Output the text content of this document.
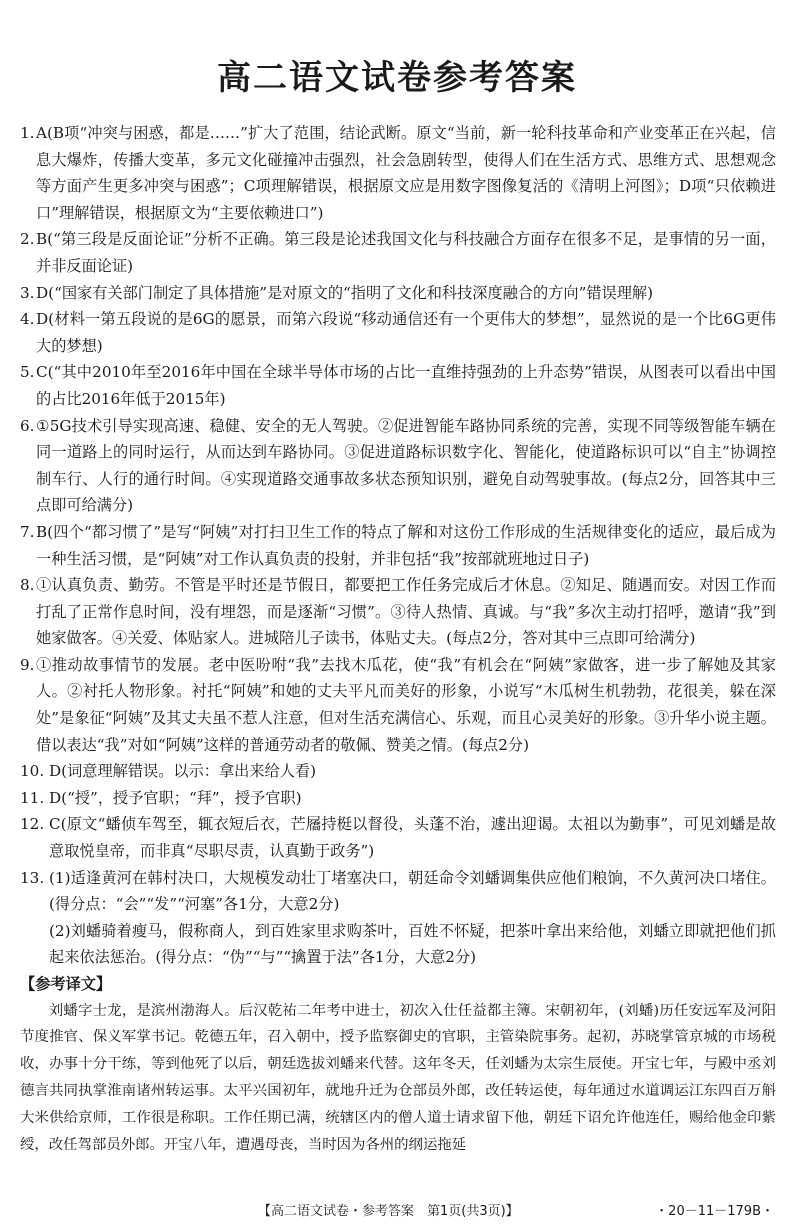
高二语文试卷参考答案
1. A(B项“冲突与困惑，都是……”扩大了范围，结论武断。原文“当前，新一轮科技革命和产业变革正在兴起，信息大爆炸，传播大变革，多元文化碰撞冲击强烈，社会急剧转型，使得人们在生活方式、思维方式、思想观念等方面产生更多冲突与困惑”；C项理解错误，根据原文应是用数字图像复活的《清明上河图》；D项“只依赖进口”理解错误，根据原文为“主要依赖进口”)
2. B(“第三段是反面论证”分析不正确。第三段是论述我国文化与科技融合方面存在很多不足，是事情的另一面，并非反面论证)
3. D(“国家有关部门制定了具体措施”是对原文的“指明了文化和科技深度融合的方向”错误理解)
4. D(材料一第五段说的是6G的愿景，而第六段说“移动通信还有一个更伟大的梦想”，显然说的是一个比6G更伟大的梦想)
5. C(“其中2010年至2016年中国在全球半导体市场的占比一直维持强劲的上升态势”错误，从图表可以看出中国的占比2016年低于2015年)
6. ①5G技术引导实现高速、稳健、安全的无人驾驶。②促进智能车路协同系统的完善，实现不同等级智能车辆在同一道路上的同时运行，从而达到车路协同。③促进道路标识数字化、智能化，使道路标识可以“自主”协调控制车行、人行的通行时间。④实现道路交通事故多状态预知识别，避免自动驾驶事故。(每点2分，回答其中三点即可给满分)
7. B(四个“都习惯了”是写“阿姨”对打扫卫生工作的特点了解和对这份工作形成的生活规律变化的适应，最后成为一种生活习惯，是“阿姨”对工作认真负责的投射，并非包括“我”按部就班地过日子)
8. ①认真负责、勤劳。不管是平时还是节假日，都要把工作任务完成后才休息。②知足、随遇而安。对因工作而打乱了正常作息时间，没有埋怨，而是逐渐“习惯”。③待人热情、真诚。与“我”多次主动打招呼，邀请“我”到她家做客。④关爱、体贴家人。进城陪儿子读书，体贴丈夫。(每点2分，答对其中三点即可给满分)
9. ①推动故事情节的发展。老中医吩咐“我”去找木瓜花，使“我”有机会在“阿姨”家做客，进一步了解她及其家人。②衬托人物形象。衬托“阿姨”和她的丈夫平凡而美好的形象，小说写“木瓜树生机勃勃，花很美，躲在深处”是象征“阿姨”及其丈夫虽不惹人注意，但对生活充满信心、乐观，而且心灵美好的形象。③升华小说主题。借以表达“我”对如“阿姨”这样的普通劳动者的敬佩、赞美之情。(每点2分)
10. D(词意理解错误。以示：拿出来给人看)
11. D(“授”，授予官职；“拜”，授予官职)
12. C(原文“蟠侦车驾至，辄衣短后衣，芒屩持梃以督役，头蓬不治，遽出迎谒。太祖以为勤事”，可见刘蟠是故意取悦皇帝，而非真“尽职尽责，认真勤于政务”)
13. (1)适逢黄河在韩村决口，大规模发动壮丁堵塞决口，朝廷命令刘蟠调集供应他们粮饷，不久黄河决口堵住。(得分点：“会”“发”“河塞”各1分，大意2分)
(2)刘蟠骑着瘦马，假称商人，到百姓家里求购茶叶，百姓不怀疑，把茶叶拿出来给他，刘蟠立即就把他们抓起来依法惩治。(得分点：“伪”“与”“擒置于法”各1分，大意2分)
【参考译文】
刘蟠字士龙，是滨州渤海人。后汉乾祐二年考中进士，初次入仕任益都主簿。宋朝初年，(刘蟠)历任安远军及河阳节度推官、保义军掌书记。乾德五年，召入朝中，授予监察御史的官职，主管染院事务。起初，苏晓掌管京城的市场税收，办事十分干练，等到他死了以后，朝廷选拔刘蟠来代替。这年冬天，任刘蟠为太宗生辰使。开宝七年，与殿中丞刘德言共同执掌淮南诸州转运事。太平兴国初年，就地升迁为仓部员外郎，改任转运使，每年通过水道调运江东四百万斛大米供给京师，工作很是称职。工作任期已满，统辖区内的僧人道士请求留下他，朝廷下诏允许他连任，赐给他金印紫绶，改任驾部员外郎。开宝八年，遭遇母丧，当时因为各州的纲运拖延
【高二语文试卷・参考答案　第1页(共3页)】	・20－11－179B・
